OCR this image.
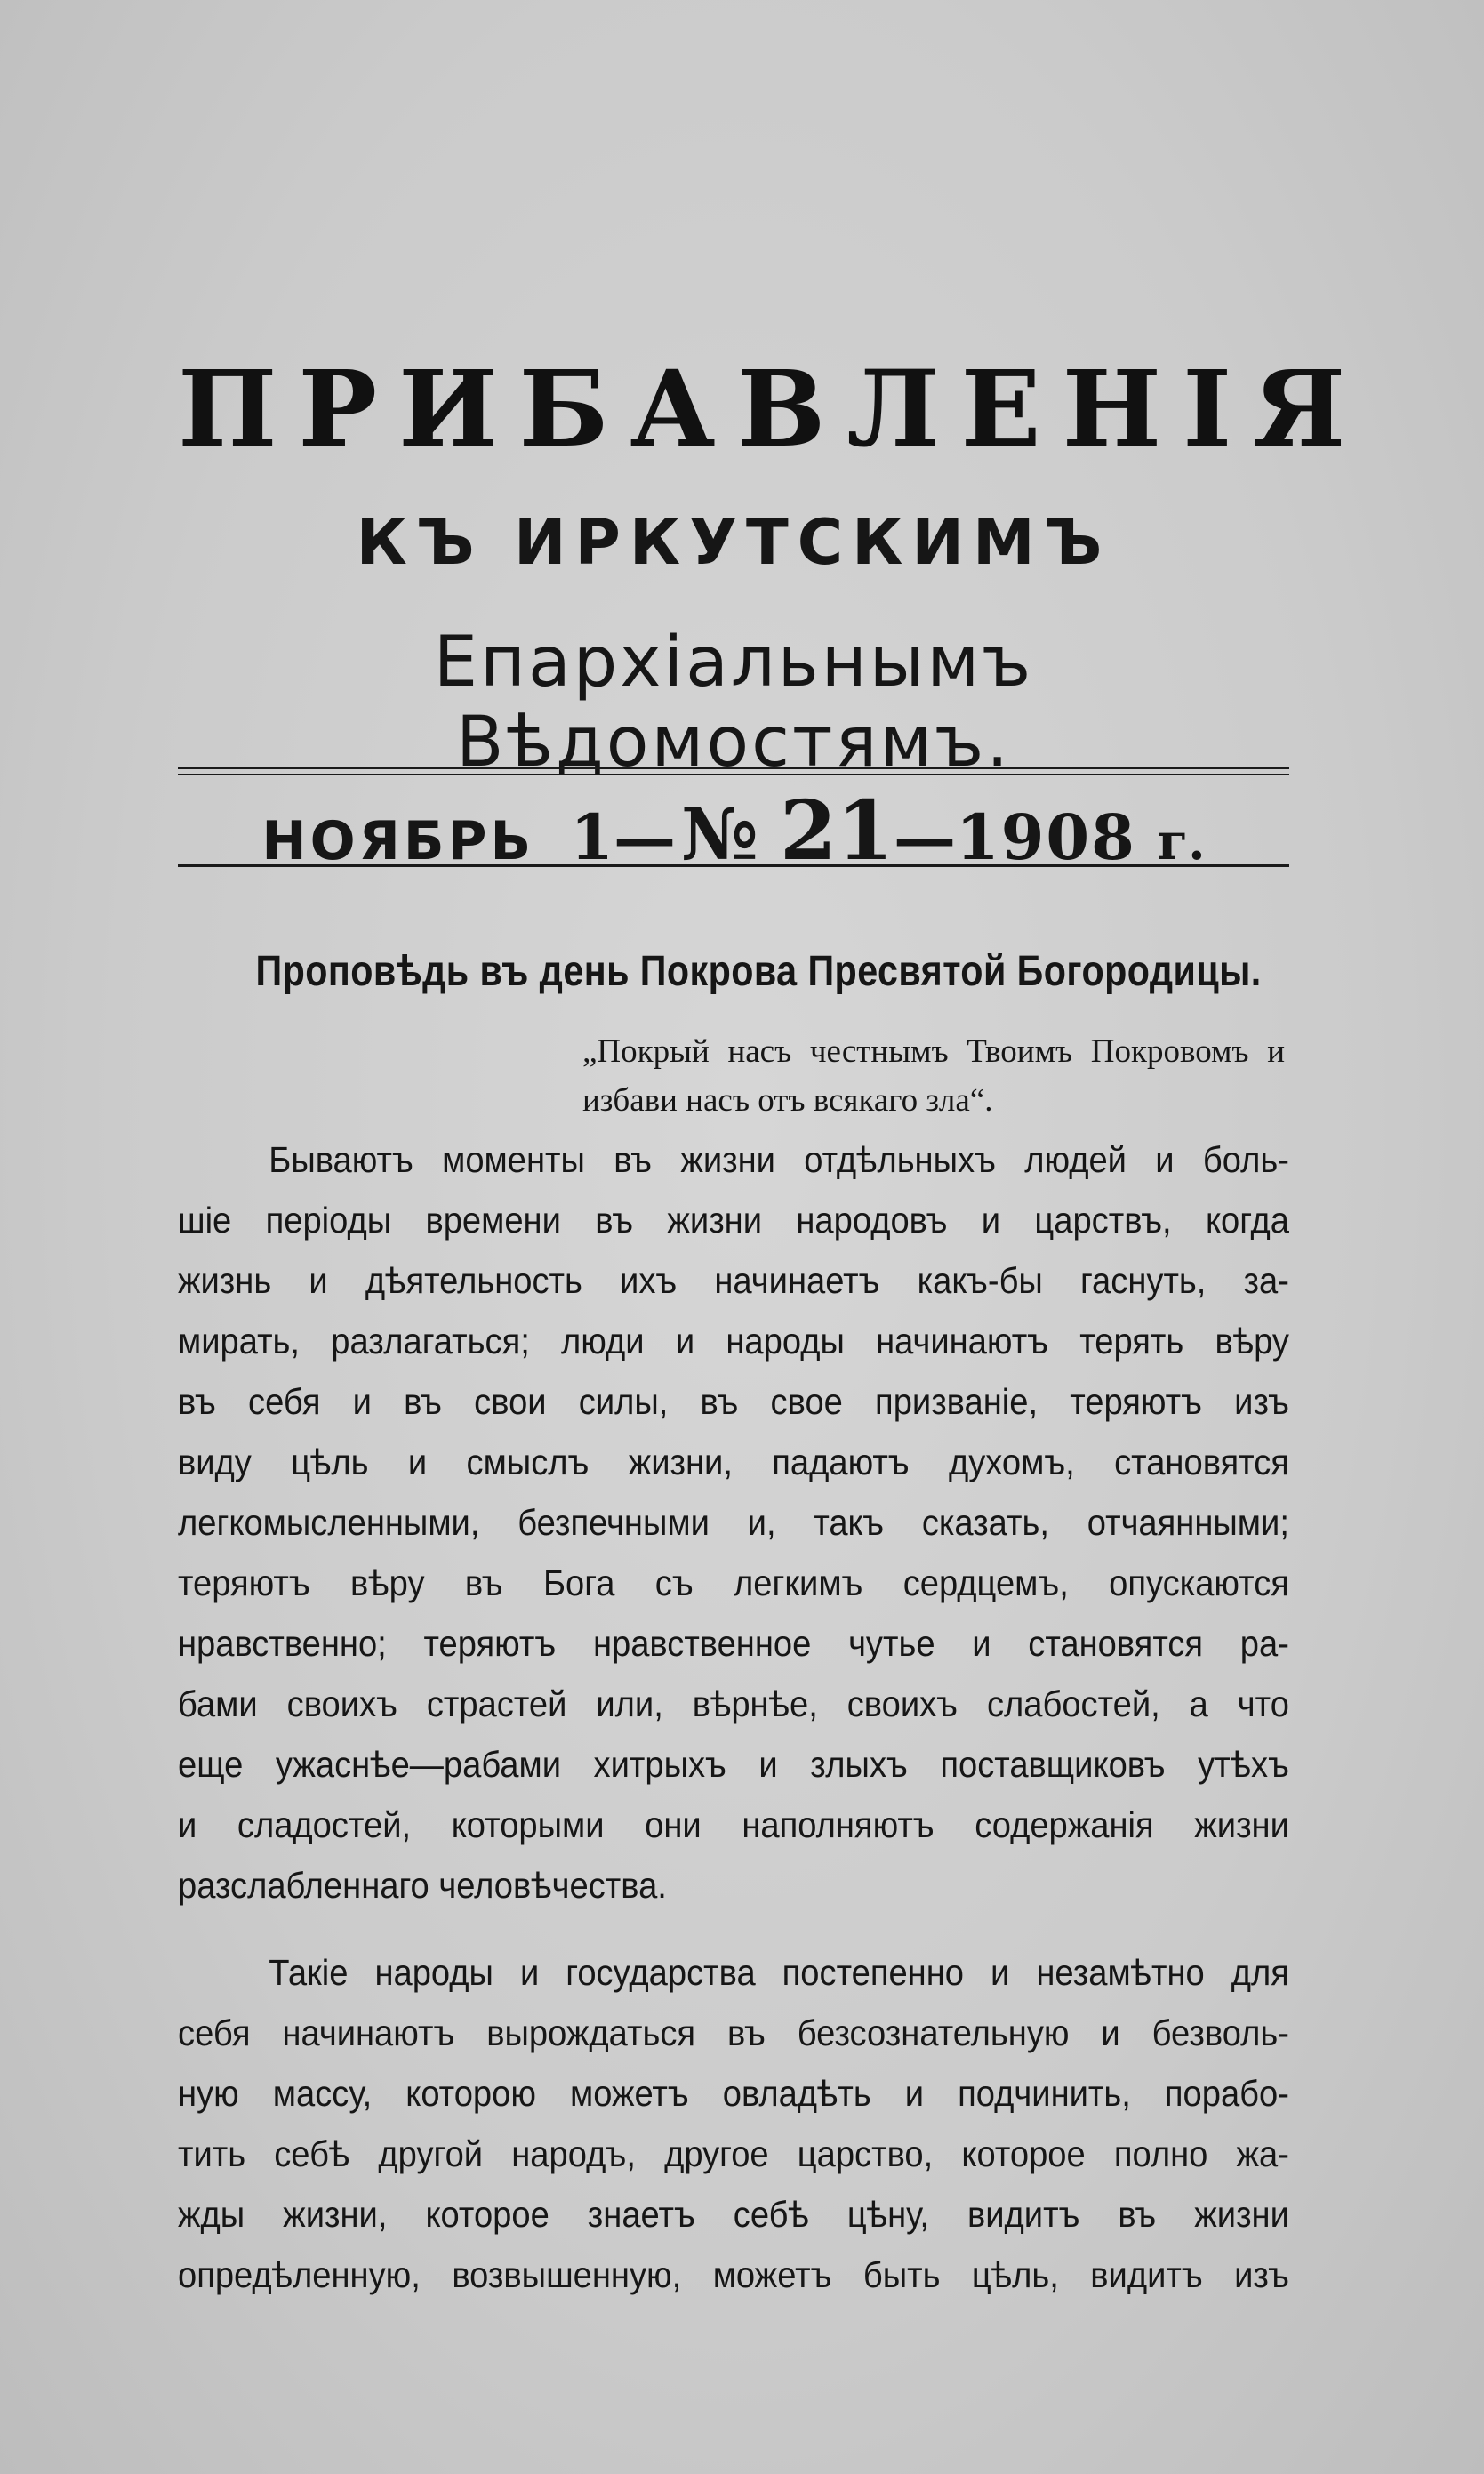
ПРИБАВЛЕНІЯ
КЪ ИРКУТСКИМЪ
Епархіальнымъ Вѣдомостямъ.
НОЯБРЬ 1 — № 21 — 1908 г.
Проповѣдь въ день Покрова Пресвятой Богородицы.
„Покрый насъ честнымъ Твоимъ Покровомъ и
избави насъ отъ всякаго зла“.
Бываютъ моменты въ жизни отдѣльныхъ людей и боль-
шіе періоды времени въ жизни народовъ и царствъ, когда
жизнь и дѣятельность ихъ начинаетъ какъ-бы гаснуть, за-
мирать, разлагаться; люди и народы начинаютъ терять вѣру
въ себя и въ свои силы, въ свое призваніе, теряютъ изъ
виду цѣль и смыслъ жизни, падаютъ духомъ, становятся
легкомысленными, безпечными и, такъ сказать, отчаянными;
теряютъ вѣру въ Бога съ легкимъ сердцемъ, опускаются
нравственно; теряютъ нравственное чутье и становятся ра-
бами своихъ страстей или, вѣрнѣе, своихъ слабостей, а что
еще ужаснѣе—рабами хитрыхъ и злыхъ поставщиковъ утѣхъ
и сладостей, которыми они наполняютъ содержанія жизни
разслабленнаго человѣчества.
Такіе народы и государства постепенно и незамѣтно для
себя начинаютъ вырождаться въ безсознательную и безволь-
ную массу, которою можетъ овладѣть и подчинить, порабо-
тить себѣ другой народъ, другое царство, которое полно жа-
жды жизни, которое знаетъ себѣ цѣну, видитъ въ жизни
опредѣленную, возвышенную, можетъ быть цѣль, видитъ изъ
